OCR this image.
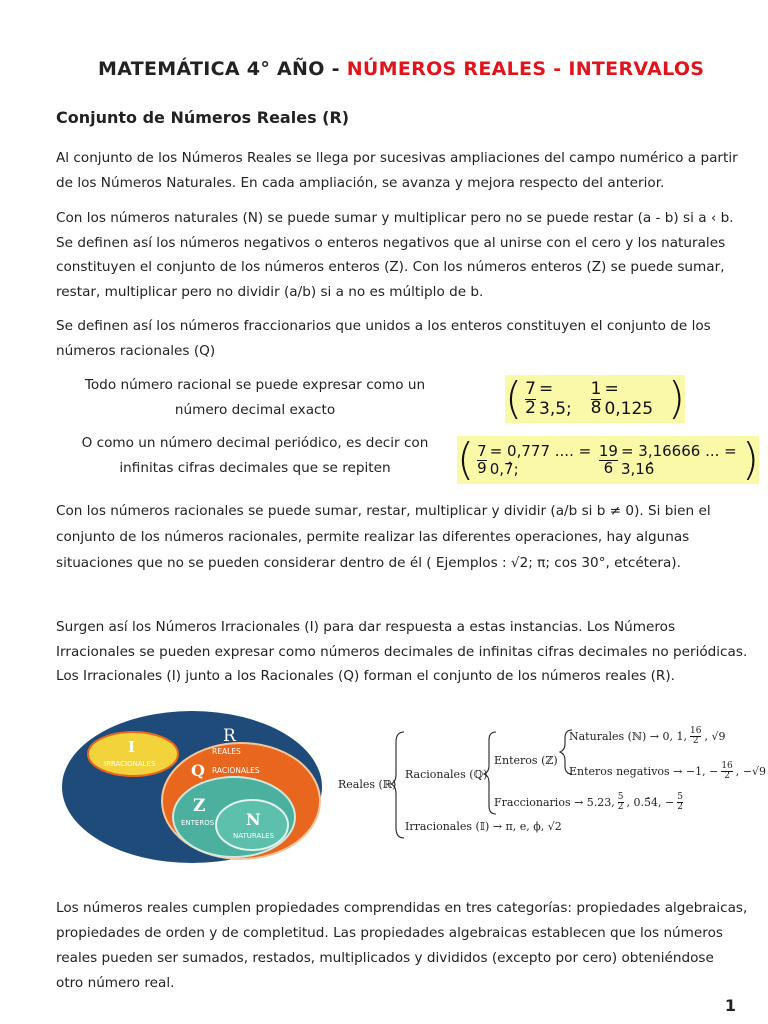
MATEMÁTICA 4° AÑO - NÚMEROS REALES - INTERVALOS
Conjunto de Números Reales (R)
Al conjunto de los Números Reales se llega por sucesivas ampliaciones del campo numérico a partir
de los Números Naturales. En cada ampliación, se avanza y mejora respecto del anterior.
Con los números naturales (N) se puede sumar y multiplicar pero no se puede restar (a - b) si a ‹ b.
Se definen así los números negativos o enteros negativos que al unirse con el cero y los naturales
constituyen el conjunto de los números enteros (Z). Con los números enteros (Z) se puede sumar,
restar, multiplicar pero no dividir (a/b) si a no es múltiplo de b.
Se definen así los números fraccionarios que unidos a los enteros constituyen el conjunto de los
números racionales (Q)
Todo número racional se puede expresar como un
número decimal exacto
O como un número decimal periódico, es decir con
infinitas cifras decimales que se repiten
( $\frac{7}{2} = 3,5$;	$\frac{1}{8} = 0,125$ )
( $\frac{7}{9} = 0,777$ .... = 0,7̂;	$\frac{19}{6} = 3,16666$ ... = 3,16̂	)
Con los números racionales se puede sumar, restar, multiplicar y dividir (a/b si b ≠ 0). Si bien el
conjunto de los números racionales, permite realizar las diferentes operaciones, hay algunas
situaciones que no se pueden considerar dentro de él ( Ejemplos : √2; π; cos 30°, etcétera).
Surgen así los Números Irracionales (I) para dar respuesta a estas instancias. Los Números
Irracionales se pueden expresar como números decimales de infinitas cifras decimales no periódicas.
Los Irracionales (I) junto a los Racionales (Q) forman el conjunto de los números reales (R).
R
REALES
I
IRRACIONALES Q RACIONALES
Z
ENTEROS N
NATURALES
Reales (ℝ)
Racionales (ℚ)
Enteros (ℤ)
Naturales (ℕ) → 0, 1, $\frac{16}{2}$ , √9
Enteros negativos → −1, − $\frac{16}{2}$ , −√9
Fraccionarios → 5.23, $\frac{5}{2}$ , 0.5̂4, − $\frac{5}{2}$
Irracionales (𝕀) → π, e, ϕ, √2
Los números reales cumplen propiedades comprendidas en tres categorías: propiedades algebraicas,
propiedades de orden y de completitud. Las propiedades algebraicas establecen que los números
reales pueden ser sumados, restados, multiplicados y divididos (excepto por cero) obteniéndose
otro número real.
1
